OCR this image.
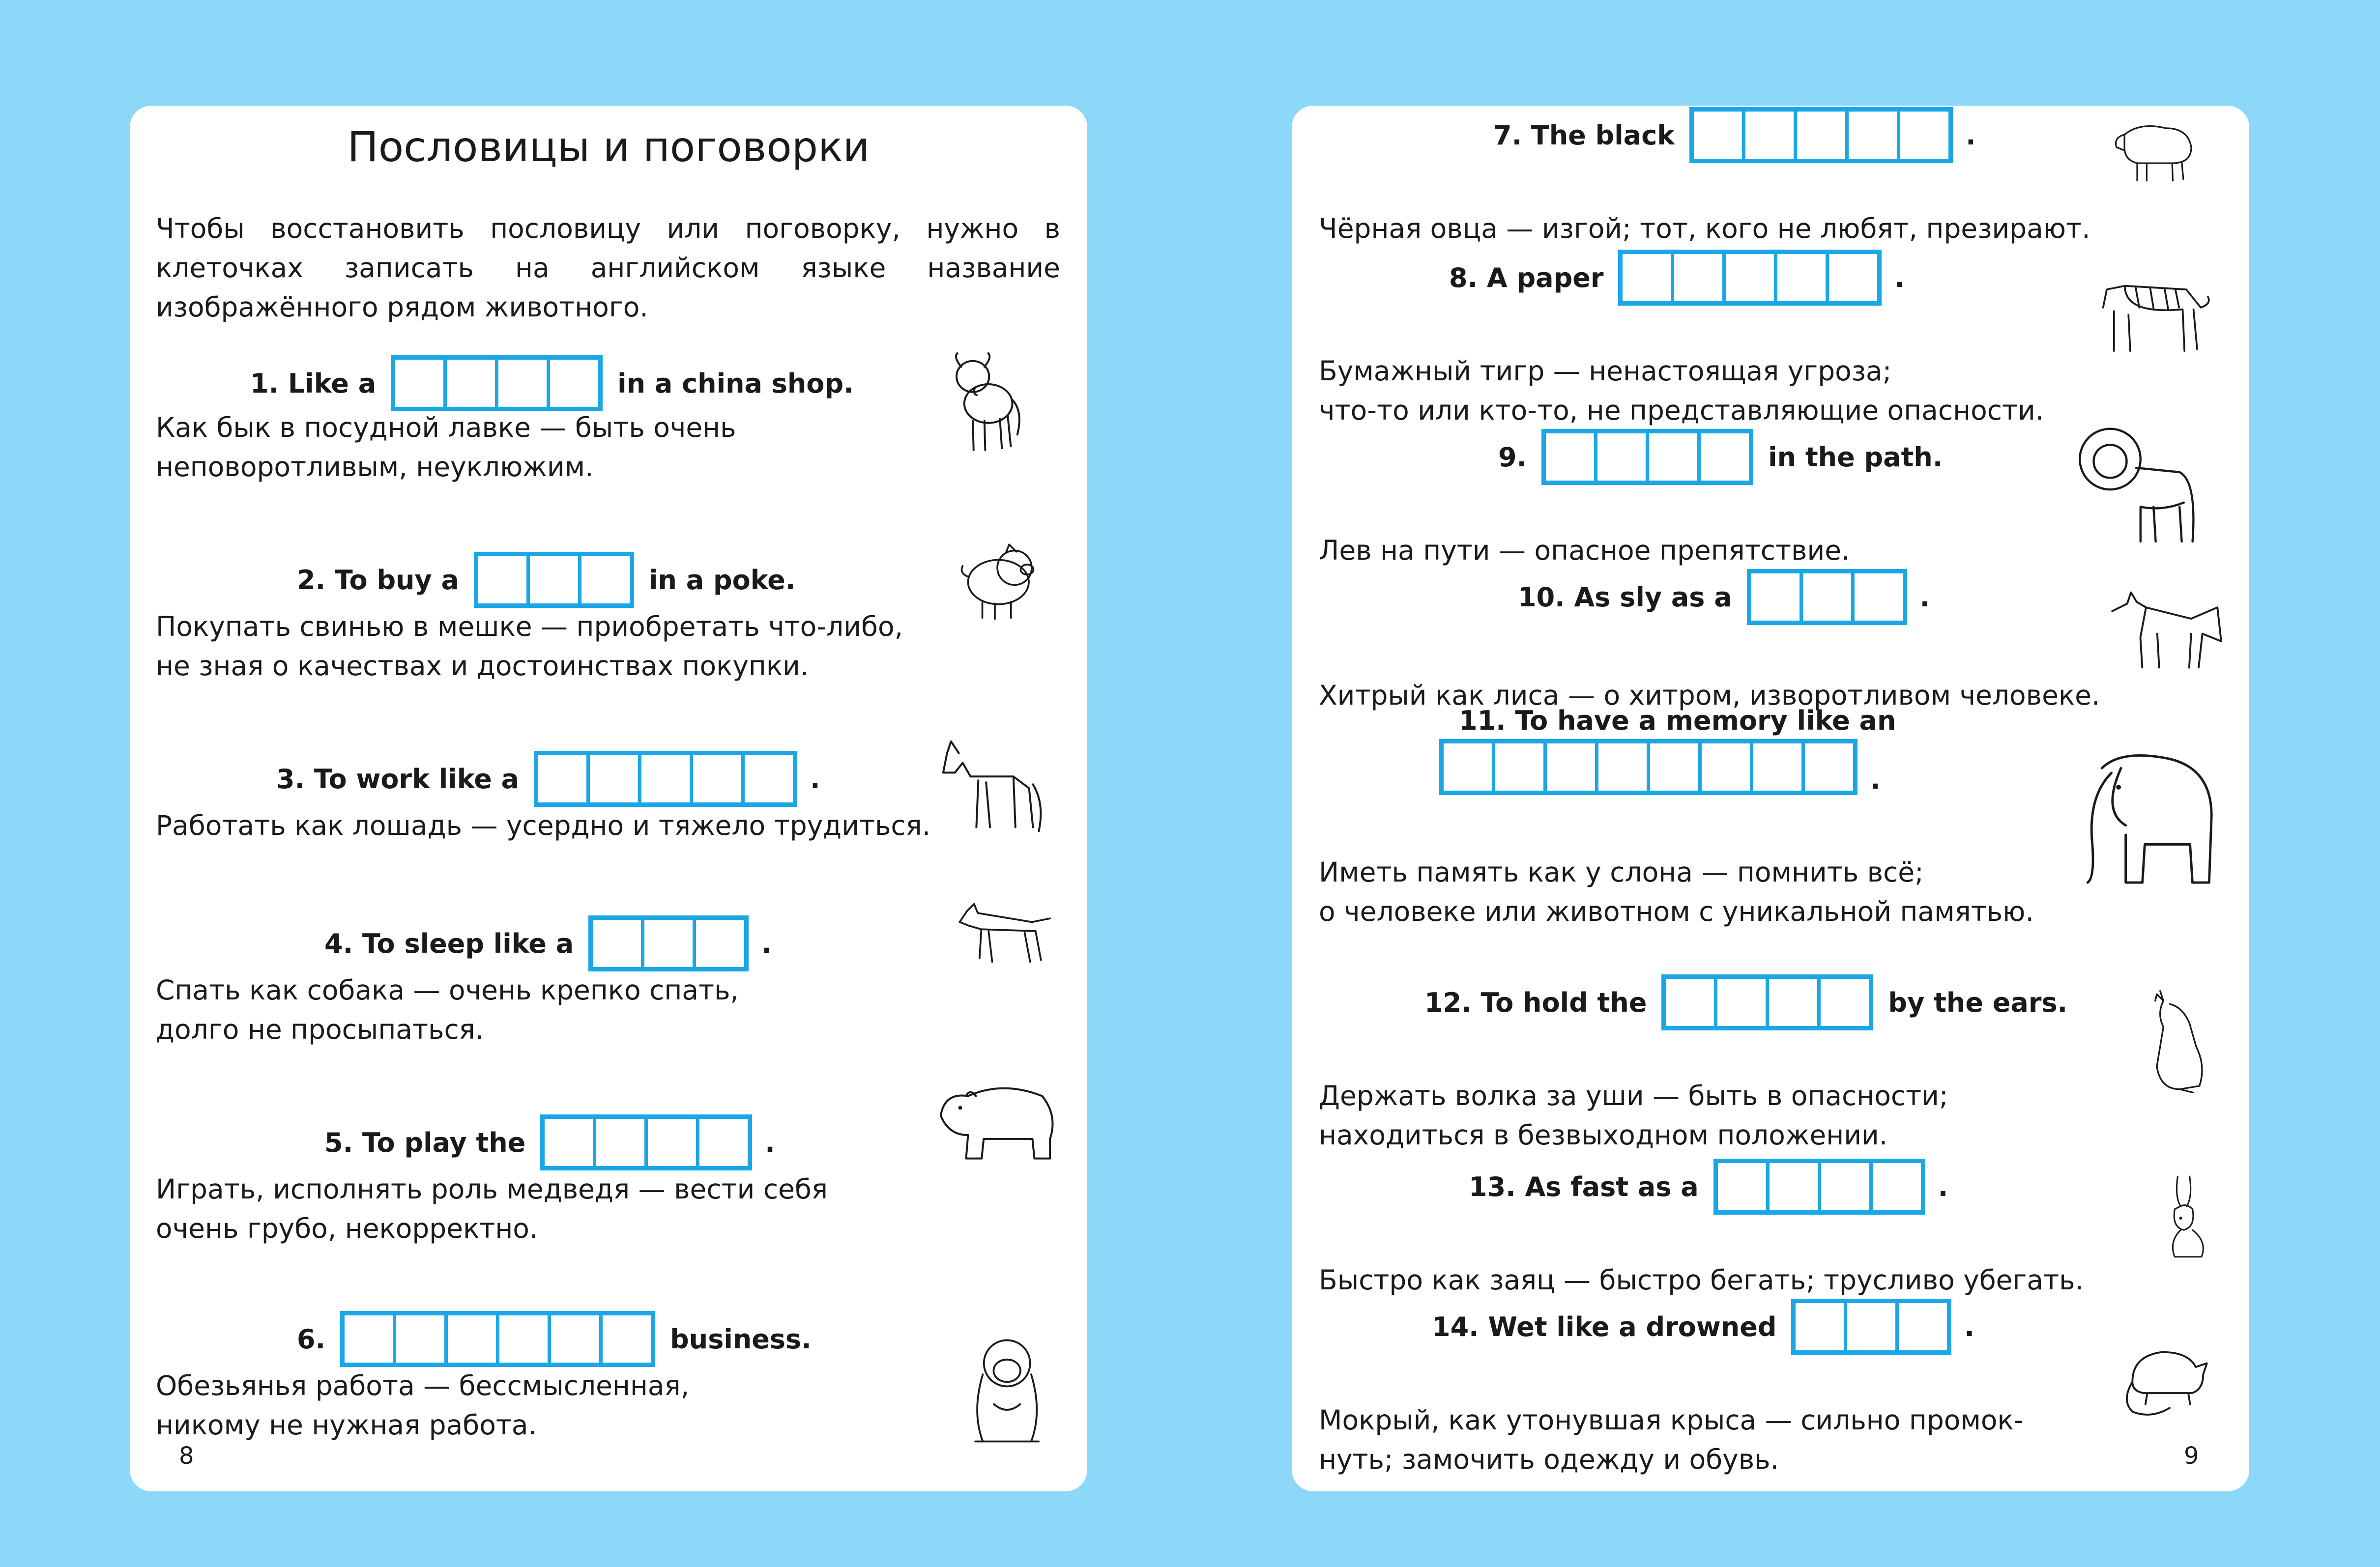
Пословицы и поговорки
Чтобы восстановить пословицу или поговорку, нужно в клеточках записать на английском языке название изображённого рядом животного.
8
1. Like a	in a china shop.
Как бык в посудной лавке — быть очень
неповоротливым, неуклюжим.
2. To buy a	in a poke.
Покупать свинью в мешке — приобретать что-либо,
не зная о качествах и достоинствах покупки.
3. To work like a	.
Работать как лошадь — усердно и тяжело трудиться.
4. To sleep like a	.
Спать как собака — очень крепко спать,
долго не просыпаться.
5. To play the	.
Играть, исполнять роль медведя — вести себя
очень грубо, некорректно.
6.	business.
Обезьянья работа — бессмысленная,
никому не нужная работа.
9
7. The black	.
Чёрная овца — изгой; тот, кого не любят, презирают.
8. A paper	.
Бумажный тигр — ненастоящая угроза;
что-то или кто-то, не представляющие опасности.
9.	in the path.
Лев на пути — опасное препятствие.
10. As sly as a	.
Хитрый как лиса — о хитром, изворотливом человеке.
11. To have a memory like an
.
Иметь память как у слона — помнить всё;
о человеке или животном с уникальной памятью.
12. To hold the	by the ears.
Держать волка за уши — быть в опасности;
находиться в безвыходном положении.
13. As fast as a	.
Быстро как заяц — быстро бегать; трусливо убегать.
14. Wet like a drowned	.
Мокрый, как утонувшая крыса — сильно промок-
нуть; замочить одежду и обувь.
